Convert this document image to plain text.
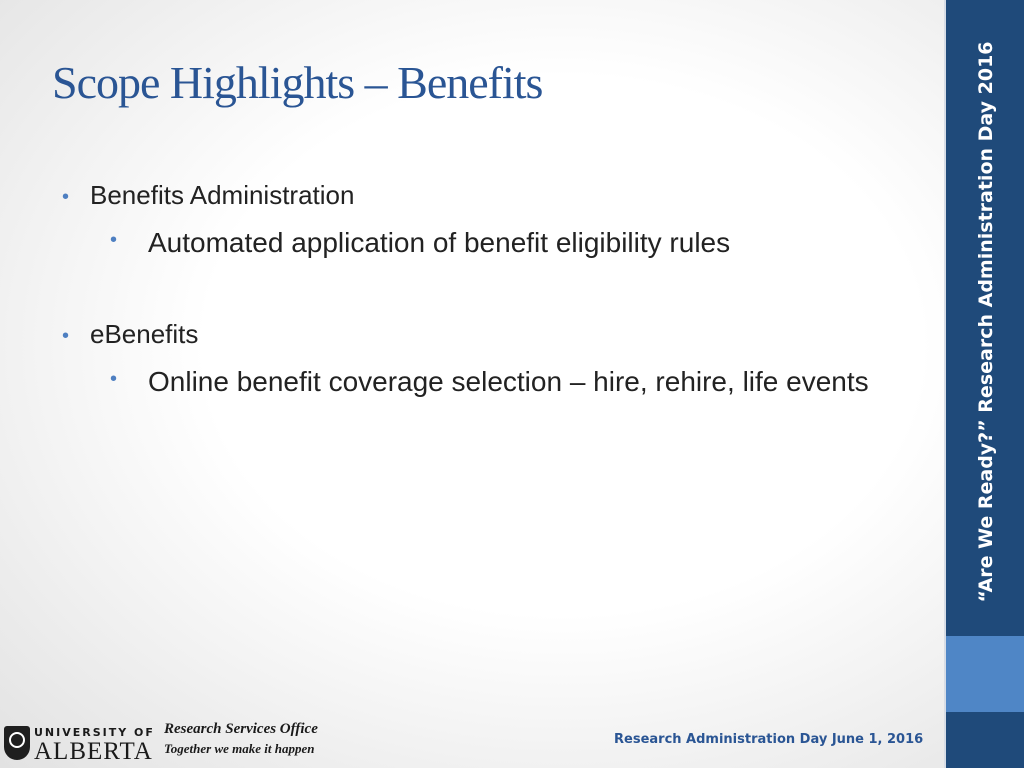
Scope Highlights – Benefits
• Benefits Administration
• Automated application of benefit eligibility rules
• eBenefits
• Online benefit coverage selection – hire, rehire, life events	“Are We Ready?” Research Administration Day 2016
UNIVERSITY OF
ALBERTA
Research Services Office
Together we make it happen
Research Administration Day June 1, 2016
